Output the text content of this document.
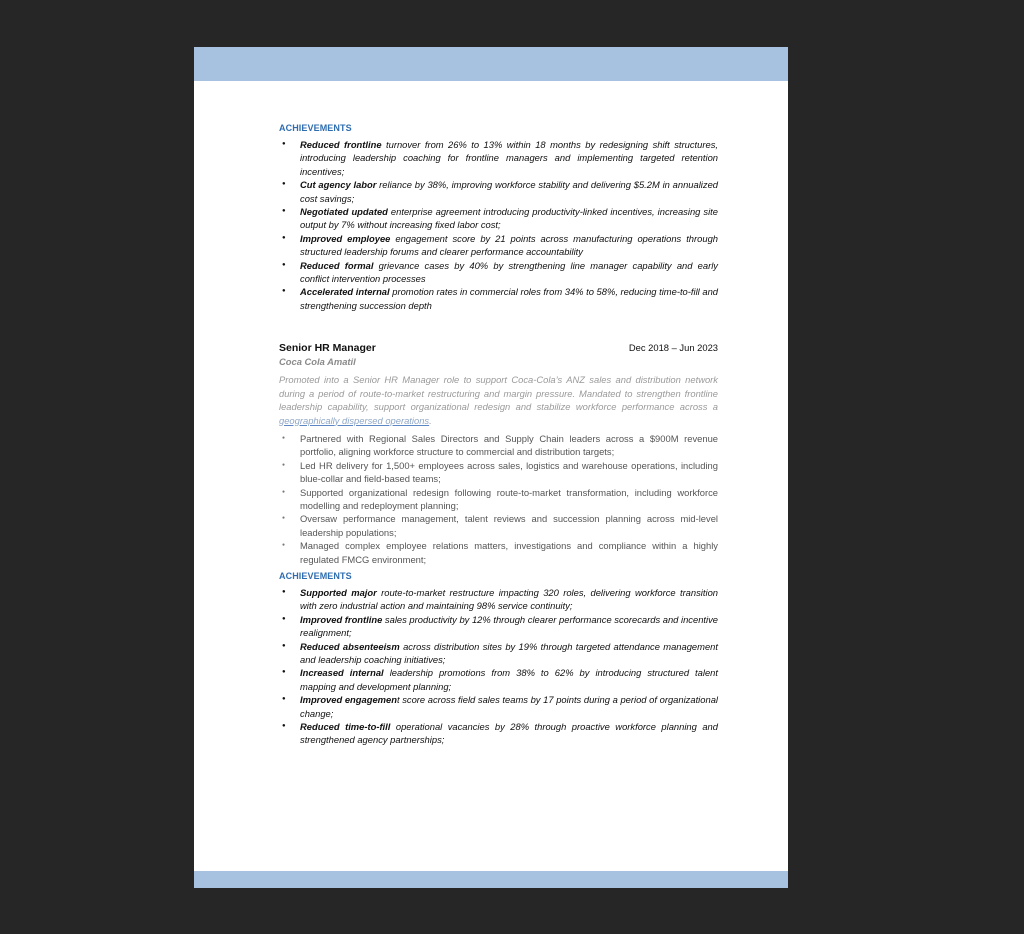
ACHIEVEMENTS
● Reduced frontline turnover from 26% to 13% within 18 months by redesigning shift structures, introducing leadership coaching for frontline managers and implementing targeted retention incentives;
● Cut agency labor reliance by 38%, improving workforce stability and delivering $5.2M in annualized cost savings;
● Negotiated updated enterprise agreement introducing productivity-linked incentives, increasing site output by 7% without increasing fixed labor cost;
● Improved employee engagement score by 21 points across manufacturing operations through structured leadership forums and clearer performance accountability
● Reduced formal grievance cases by 40% by strengthening line manager capability and early conflict intervention processes
● Accelerated internal promotion rates in commercial roles from 34% to 58%, reducing time-to-fill and strengthening succession depth
Senior HR Manager	Dec 2018 – Jun 2023
Coca Cola Amatil
Promoted into a Senior HR Manager role to support Coca-Cola’s ANZ sales and distribution network during a period of route-to-market restructuring and margin pressure. Mandated to strengthen frontline leadership capability, support organizational redesign and stabilize workforce performance across a geographically dispersed operations.
● Partnered with Regional Sales Directors and Supply Chain leaders across a $900M revenue portfolio, aligning workforce structure to commercial and distribution targets;
● Led HR delivery for 1,500+ employees across sales, logistics and warehouse operations, including blue-collar and field-based teams;
● Supported organizational redesign following route-to-market transformation, including workforce modelling and redeployment planning;
● Oversaw performance management, talent reviews and succession planning across mid-level leadership populations;
● Managed complex employee relations matters, investigations and compliance within a highly regulated FMCG environment;
ACHIEVEMENTS
● Supported major route-to-market restructure impacting 320 roles, delivering workforce transition with zero industrial action and maintaining 98% service continuity;
● Improved frontline sales productivity by 12% through clearer performance scorecards and incentive realignment;
● Reduced absenteeism across distribution sites by 19% through targeted attendance management and leadership coaching initiatives;
● Increased internal leadership promotions from 38% to 62% by introducing structured talent mapping and development planning;
● Improved engagement score across field sales teams by 17 points during a period of organizational change;
● Reduced time-to-fill operational vacancies by 28% through proactive workforce planning and strengthened agency partnerships;
